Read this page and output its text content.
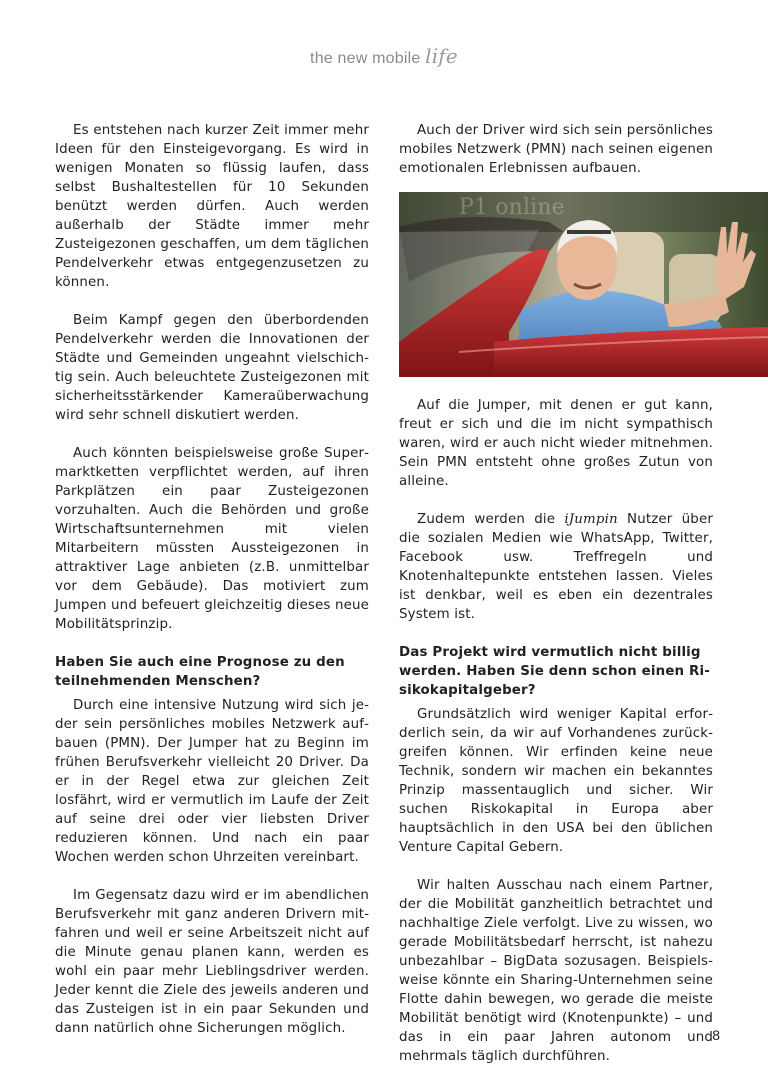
the new mobile life

Es entstehen nach kurzer Zeit immer mehr Ideen für den Einsteigevorgang. Es wird in wenigen Monaten so flüssig laufen, dass selbst Bushaltestellen für 10 Sekunden benützt werden dürfen. Auch werden außerhalb der Städte immer mehr Zusteigezonen geschaffen, um dem täglichen Pendelverkehr etwas entgegenzusetzen zu können.

Beim Kampf gegen den überbordenden Pendelverkehr werden die Innovationen der Städte und Gemeinden ungeahnt vielschichtig sein. Auch beleuchtete Zusteigezonen mit sicherheitsstärkender Kameraüberwachung wird sehr schnell diskutiert werden.

Auch könnten beispielsweise große Supermarktketten verpflichtet werden, auf ihren Parkplätzen ein paar Zusteigezonen vorzuhalten. Auch die Behörden und große Wirtschaftsunternehmen mit vielen Mitarbeitern müssten Aussteigezonen in attraktiver Lage anbieten (z.B. unmittelbar vor dem Gebäude). Das motiviert zum Jumpen und befeuert gleichzeitig dieses neue Mobilitätsprinzip.

Haben Sie auch eine Prognose zu den teilnehmenden Menschen?

Durch eine intensive Nutzung wird sich jeder sein persönliches mobiles Netzwerk aufbauen (PMN). Der Jumper hat zu Beginn im frühen Berufsverkehr vielleicht 20 Driver. Da er in der Regel etwa zur gleichen Zeit losfährt, wird er vermutlich im Laufe der Zeit auf seine drei oder vier liebsten Driver reduzieren können. Und nach ein paar Wochen werden schon Uhrzeiten vereinbart.

Im Gegensatz dazu wird er im abendlichen Berufsverkehr mit ganz anderen Drivern mitfahren und weil er seine Arbeitszeit nicht auf die Minute genau planen kann, werden es wohl ein paar mehr Lieblingsdriver werden. Jeder kennt die Ziele des jeweils anderen und das Zusteigen ist in ein paar Sekunden und dann natürlich ohne Sicherungen möglich.

Auch der Driver wird sich sein persönliches mobiles Netzwerk (PMN) nach seinen eigenen emotionalen Erlebnissen aufbauen.

P1 online

Auf die Jumper, mit denen er gut kann, freut er sich und die im nicht sympathisch waren, wird er auch nicht wieder mitnehmen. Sein PMN entsteht ohne großes Zutun von alleine.

Zudem werden die iJumpin Nutzer über die sozialen Medien wie WhatsApp, Twitter, Facebook usw. Treffregeln und Knotenhaltepunkte entstehen lassen. Vieles ist denkbar, weil es eben ein dezentrales System ist.

Das Projekt wird vermutlich nicht billig werden. Haben Sie denn schon einen Risikokapitalgeber?

Grundsätzlich wird weniger Kapital erforderlich sein, da wir auf Vorhandenes zurückgreifen können. Wir erfinden keine neue Technik, sondern wir machen ein bekanntes Prinzip massentauglich und sicher. Wir suchen Riskokapital in Europa aber hauptsächlich in den USA bei den üblichen Venture Capital Gebern.

Wir halten Ausschau nach einem Partner, der die Mobilität ganzheitlich betrachtet und nachhaltige Ziele verfolgt. Live zu wissen, wo gerade Mobilitätsbedarf herrscht, ist nahezu unbezahlbar – BigData sozusagen. Beispielsweise könnte ein Sharing-Unternehmen seine Flotte dahin bewegen, wo gerade die meiste Mobilität benötigt wird (Knotenpunkte) – und das in ein paar Jahren autonom und mehrmals täglich durchführen.

8
